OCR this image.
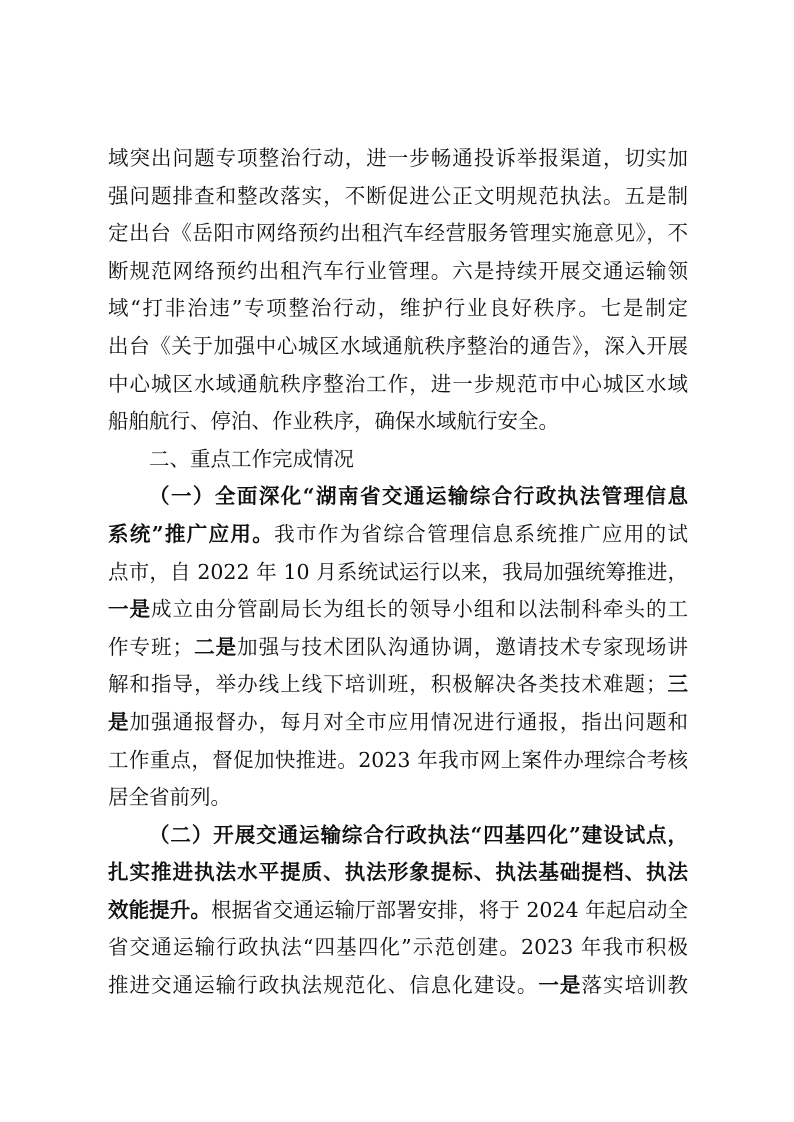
域突出问题专项整治行动，进一步畅通投诉举报渠道，切实加
强问题排查和整改落实，不断促进公正文明规范执法。五是制
定出台《岳阳市网络预约出租汽车经营服务管理实施意见》，不
断规范网络预约出租汽车行业管理。六是持续开展交通运输领
域“打非治违”专项整治行动，维护行业良好秩序。七是制定
出台《关于加强中心城区水域通航秩序整治的通告》，深入开展
中心城区水域通航秩序整治工作，进一步规范市中心城区水域
船舶航行、停泊、作业秩序，确保水域航行安全。
二、重点工作完成情况
（一）全面深化“湖南省交通运输综合行政执法管理信息
系统”推广应用。我市作为省综合管理信息系统推广应用的试
点市，自 2022 年 10 月系统试运行以来，我局加强统筹推进，
一是成立由分管副局长为组长的领导小组和以法制科牵头的工
作专班；二是加强与技术团队沟通协调，邀请技术专家现场讲
解和指导，举办线上线下培训班，积极解决各类技术难题；三
是加强通报督办，每月对全市应用情况进行通报，指出问题和
工作重点，督促加快推进。2023 年我市网上案件办理综合考核
居全省前列。
（二）开展交通运输综合行政执法“四基四化”建设试点，
扎实推进执法水平提质、执法形象提标、执法基础提档、执法
效能提升。根据省交通运输厅部署安排，将于 2024 年起启动全
省交通运输行政执法“四基四化”示范创建。2023 年我市积极
推进交通运输行政执法规范化、信息化建设。一是落实培训教
